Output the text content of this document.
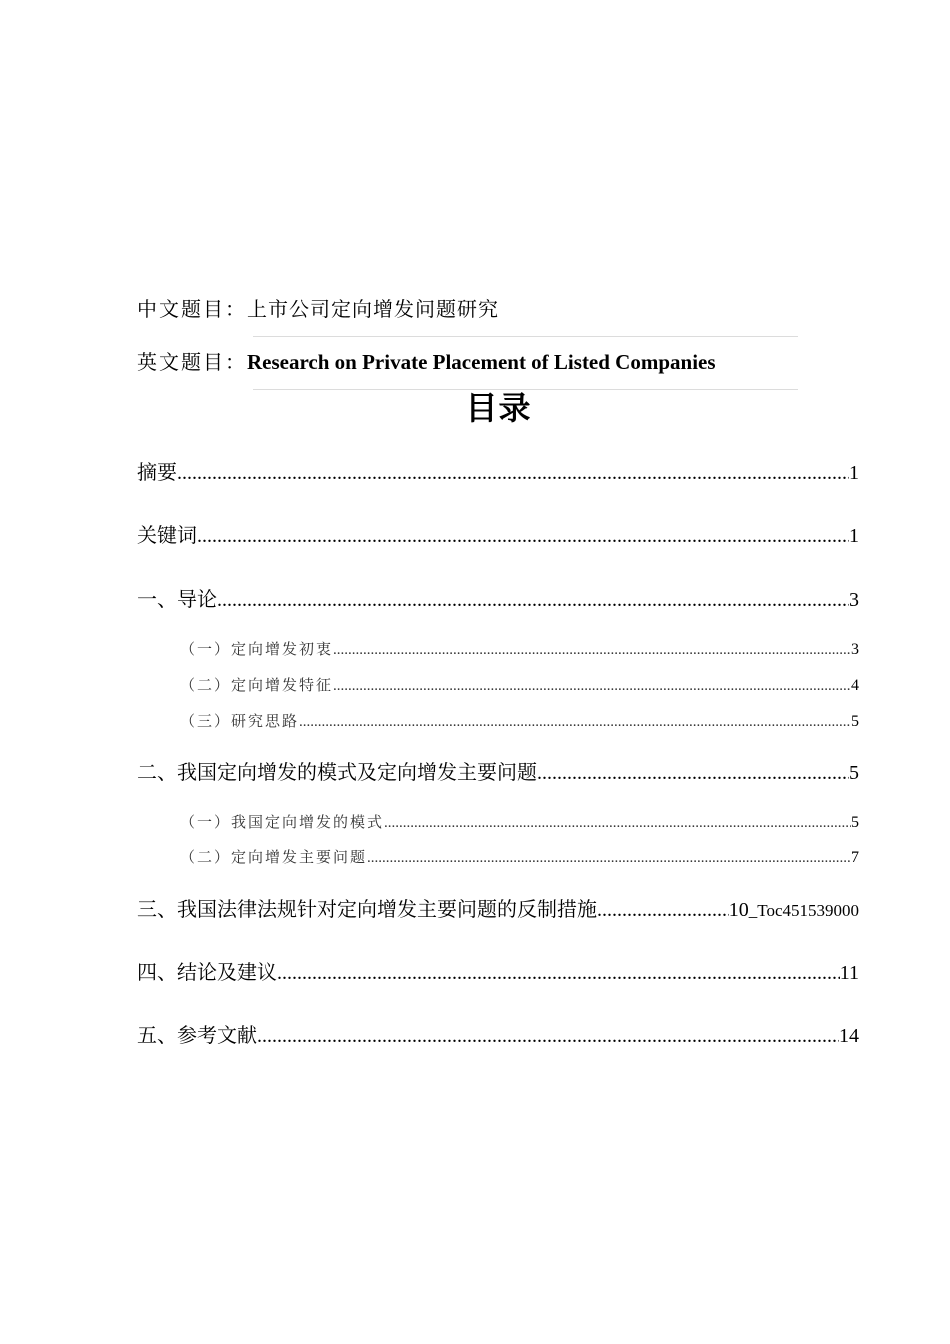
中文题目：上市公司定向增发问题研究
英文题目：Research on Private Placement of Listed Companies
目录
摘要 .....	1
关键词 .....	1
一、导论 .....	3
（一）定向增发初衷 .....	3
（二）定向增发特征 .....	4
（三）研究思路 .....	5
二、我国定向增发的模式及定向增发主要问题 .....	5
（一）我国定向增发的模式 .....	5
（二）定向增发主要问题 .....	7
三、我国法律法规针对定向增发主要问题的反制措施 .....	10_Toc451539000
四、结论及建议 .....	11
五、参考文献 .....	14
